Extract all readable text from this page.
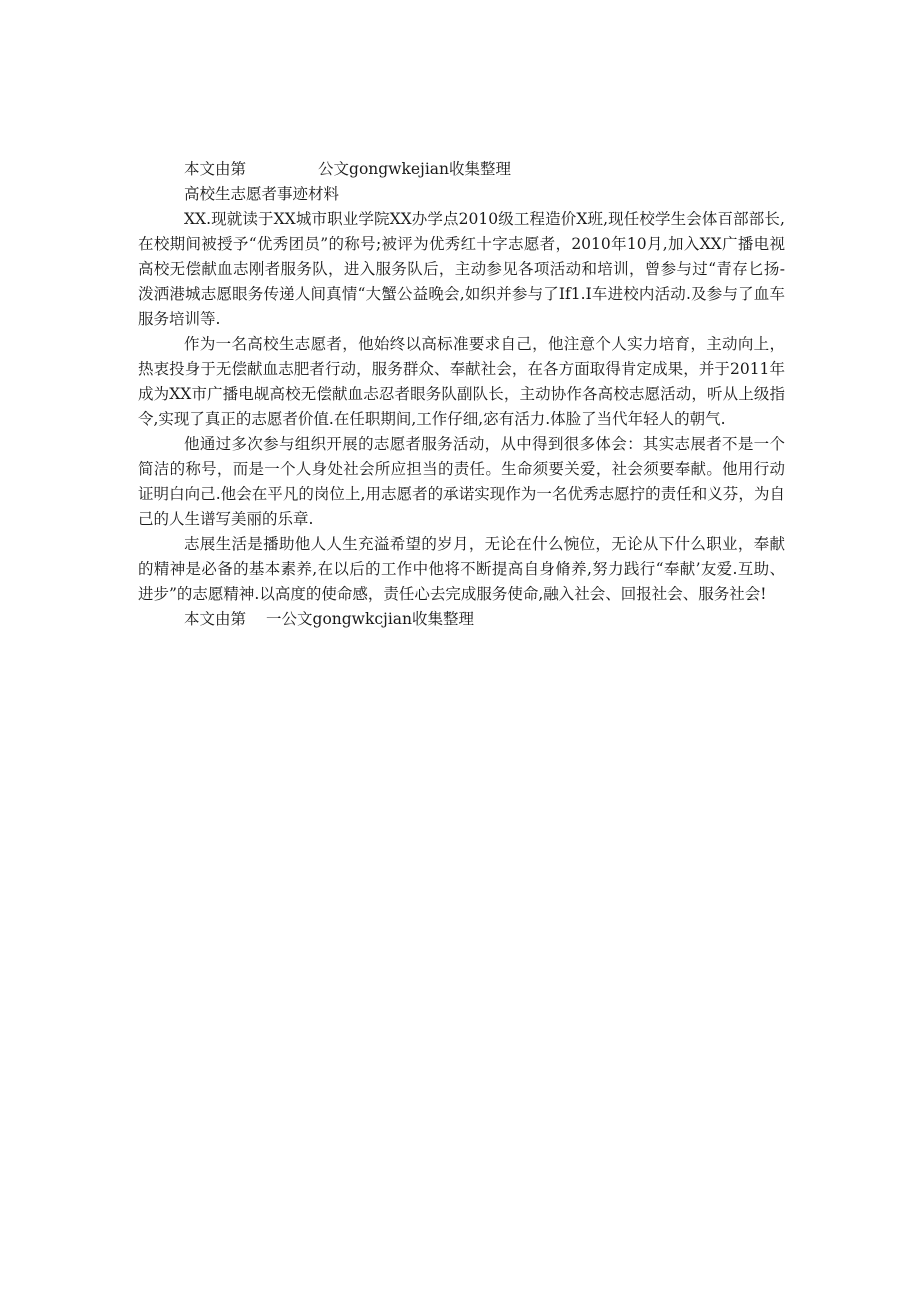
本文由第	公文gongwkejian收集整理

高校生志愿者事迹材料

XX.现就读于XX城市职业学院XX办学点2010级工程造价X班,现任校学生会体百部部长,在校期间被授予“优秀团员”的称号;被评为优秀红十字志愿者，2010年10月,加入XX广播电视高校无偿献血志刚者服务队，进入服务队后，主动参见各项活动和培训，曾参与过“青存匕扬-泼洒港城志愿眼务传递人间真情“大蟹公益晚会,如织并参与了If1.I车进校内活动.及参与了血车服务培训等.

作为一名高校生志愿者，他始终以高标准要求自己，他注意个人实力培育，主动向上，热衷投身于无偿献血志肥者行动，服务群众、奉献社会，在各方面取得肯定成果，并于2011年成为XX市广播电觇高校无偿献血忐忍者眼务队副队长，主动协作各高校志愿活动，听从上级指令,实现了真正的志愿者价值.在任职期间,工作仔细,宓有活力.体脸了当代年轻人的朝气.

他通过多次参与组织开展的志愿者服务活动，从中得到很多体会：其实志展者不是一个简洁的称号，而是一个人身处社会所应担当的责任。生命须要关爱，社会须要奉献。他用行动证明白向己.他会在平凡的岗位上,用志愿者的承诺实现作为一名优秀志愿拧的责任和义芬，为自己的人生谱写美丽的乐章.

志展生活是播助他人人生充溢希望的岁月，无论在什么惋位，无论从下什么职业，奉献的精神是必备的基本素养,在以后的工作中他将不断提高自身脩养,努力践行“奉献’友爱.互助、进步”的志愿精神.以高度的使命感，责任心去完成服务使命,融入社会、回报社会、服务社会!

本文由第 一公文gongwkcjian收集整理
